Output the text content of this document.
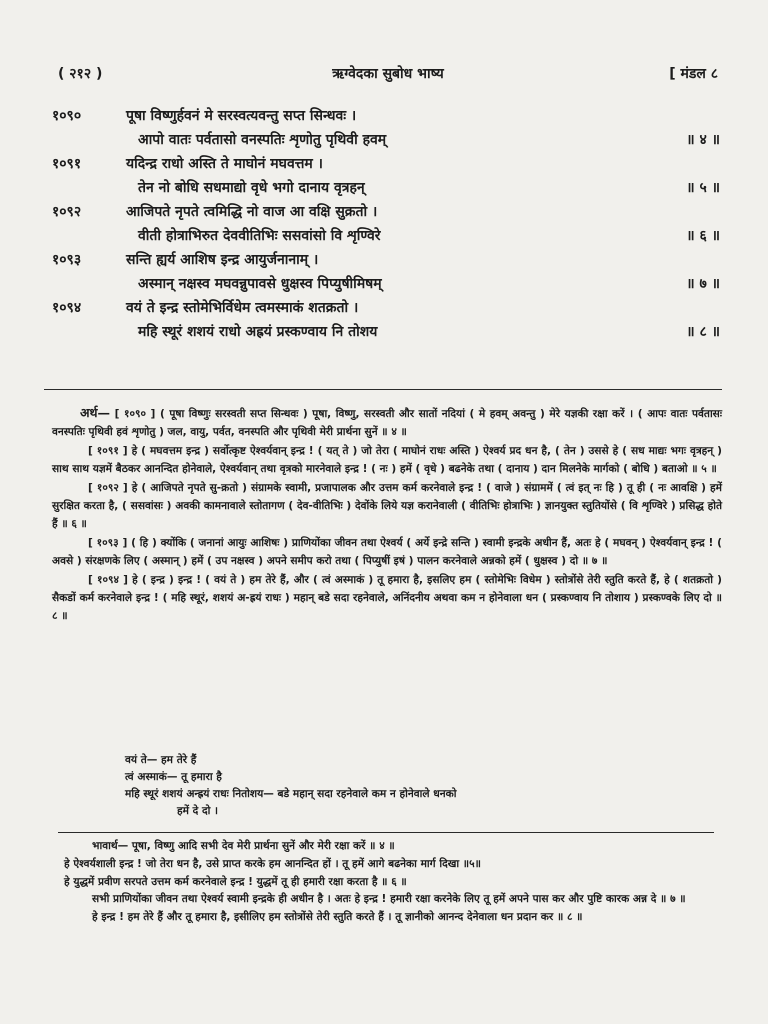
( २१२ )	ऋग्वेदका सुबोध भाष्य	[ मंडल ८
१०९०	पूषा विष्णुर्हवनं मे सरस्वत्यवन्तु सप्त सिन्धवः ।
आपो वातः पर्वतासो वनस्पतिः शृणोतु पृथिवी हवम्	॥ ४ ॥
१०९१	यदिन्द्र राधो अस्ति ते माघोनं मघवत्तम ।
तेन नो बोधि सधमाद्यो वृधे भगो दानाय वृत्रहन्	॥ ५ ॥
१०९२	आजिपते नृपते त्वमिद्धि नो वाज आ वक्षि सुक्रतो ।
वीती होत्राभिरुत देववीतिभिः ससवांसो वि शृण्विरे	॥ ६ ॥
१०९३	सन्ति ह्यर्य आशिष इन्द्र आयुर्जनानाम् ।
अस्मान् नक्षस्व मघवन्नुपावसे धुक्षस्व पिप्युषीमिषम्	॥ ७ ॥
१०९४	वयं ते इन्द्र स्तोमेभिर्विधेम त्वमस्माकं शतक्रतो ।
महि स्थूरं शशयं राधो अह्रयं प्रस्कण्वाय नि तोशय	॥ ८ ॥

अर्थ— [ १०९० ] ( पूषा विष्णुः सरस्वती सप्त सिन्धवः ) पूषा, विष्णु, सरस्वती और सातों नदियां ( मे हवम् अवन्तु ) मेरे यज्ञकी रक्षा करें । ( आपः वातः पर्वतासः वनस्पतिः पृथिवी हवं शृणोतु ) जल, वायु, पर्वत, वनस्पति और पृथिवी मेरी प्रार्थना सुनें ॥ ४ ॥

[ १०९१ ] हे ( मघवत्तम इन्द्र ) सर्वोत्कृष्ट ऐश्वर्यवान् इन्द्र ! ( यत् ते ) जो तेरा ( माघोनं राधः अस्ति ) ऐश्वर्य प्रद धन है, ( तेन ) उससे हे ( सध माद्यः भगः वृत्रहन् ) साथ साथ यज्ञमें बैठकर आनन्दित होनेवाले, ऐश्वर्यवान् तथा वृत्रको मारनेवाले इन्द्र ! ( नः ) हमें ( वृधे ) बढनेके तथा ( दानाय ) दान मिलनेके मार्गको ( बोधि ) बताओ ॥ ५ ॥

[ १०९२ ] हे ( आजिपते नृपते सु-क्रतो ) संग्रामके स्वामी, प्रजापालक और उत्तम कर्म करनेवाले इन्द्र ! ( वाजे ) संग्राममें ( त्वं इत् नः हि ) तू ही ( नः आवक्षि ) हमें सुरक्षित करता है, ( ससवांसः ) अवकी कामनावाले स्तोतागण ( देव-वीतिभिः ) देवोंके लिये यज्ञ करानेवाली ( वीतिभिः होत्राभिः ) ज्ञानयुक्त स्तुतियोंसे ( वि शृण्विरे ) प्रसिद्ध होते हैं ॥ ६ ॥

[ १०९३ ] ( हि ) क्योंकि ( जनानां आयुः आशिषः ) प्राणियोंका जीवन तथा ऐश्वर्य ( अर्ये इन्द्रे सन्ति ) स्वामी इन्द्रके अधीन हैं, अतः हे ( मघवन् ) ऐश्वर्यवान् इन्द्र ! ( अवसे ) संरक्षणके लिए ( अस्मान् ) हमें ( उप नक्षस्व ) अपने समीप करो तथा ( पिप्युषीं इषं ) पालन करनेवाले अन्नको हमें ( धुक्षस्व ) दो ॥ ७ ॥

[ १०९४ ] हे ( इन्द्र ) इन्द्र ! ( वयं ते ) हम तेरे हैं, और ( त्वं अस्माकं ) तू हमारा है, इसलिए हम ( स्तोमेभिः विधेम ) स्तोत्रोंसे तेरी स्तुति करते हैं, हे ( शतक्रतो ) सैकडों कर्म करनेवाले इन्द्र ! ( महि स्थूरं, शशयं अ-ह्रयं राधः ) महान् बडे सदा रहनेवाले, अनिंदनीय अथवा कम न होनेवाला धन ( प्रस्कण्वाय नि तोशाय ) प्रस्कण्वके लिए दो ॥ ८ ॥

वयं ते— हम तेरे हैं
त्वं अस्माकं— तू हमारा है
महि स्थूरं शशयं अन्ह्रयं राधः नितोशय— बडे महान् सदा रहनेवाले कम न होनेवाले धनको
हमें दे दो ।

भावार्थ— पूषा, विष्णु आदि सभी देव मेरी प्रार्थना सुनें और मेरी रक्षा करें ॥ ४ ॥

हे ऐश्वर्यशाली इन्द्र ! जो तेरा धन है, उसे प्राप्त करके हम आनन्दित हों । तू हमें आगे बढनेका मार्ग दिखा ॥५॥

हे युद्धमें प्रवीण सरपते उत्तम कर्म करनेवाले इन्द्र ! युद्धमें तू ही हमारी रक्षा करता है ॥ ६ ॥

सभी प्राणियोंका जीवन तथा ऐश्वर्य स्वामी इन्द्रके ही अधीन है । अतः हे इन्द्र ! हमारी रक्षा करनेके लिए तू हमें अपने पास कर और पुष्टि कारक अन्न दे ॥ ७ ॥

हे इन्द्र ! हम तेरे हैं और तू हमारा है, इसीलिए हम स्तोत्रोंसे तेरी स्तुति करते हैं । तू ज्ञानीको आनन्द देनेवाला धन प्रदान कर ॥ ८ ॥
